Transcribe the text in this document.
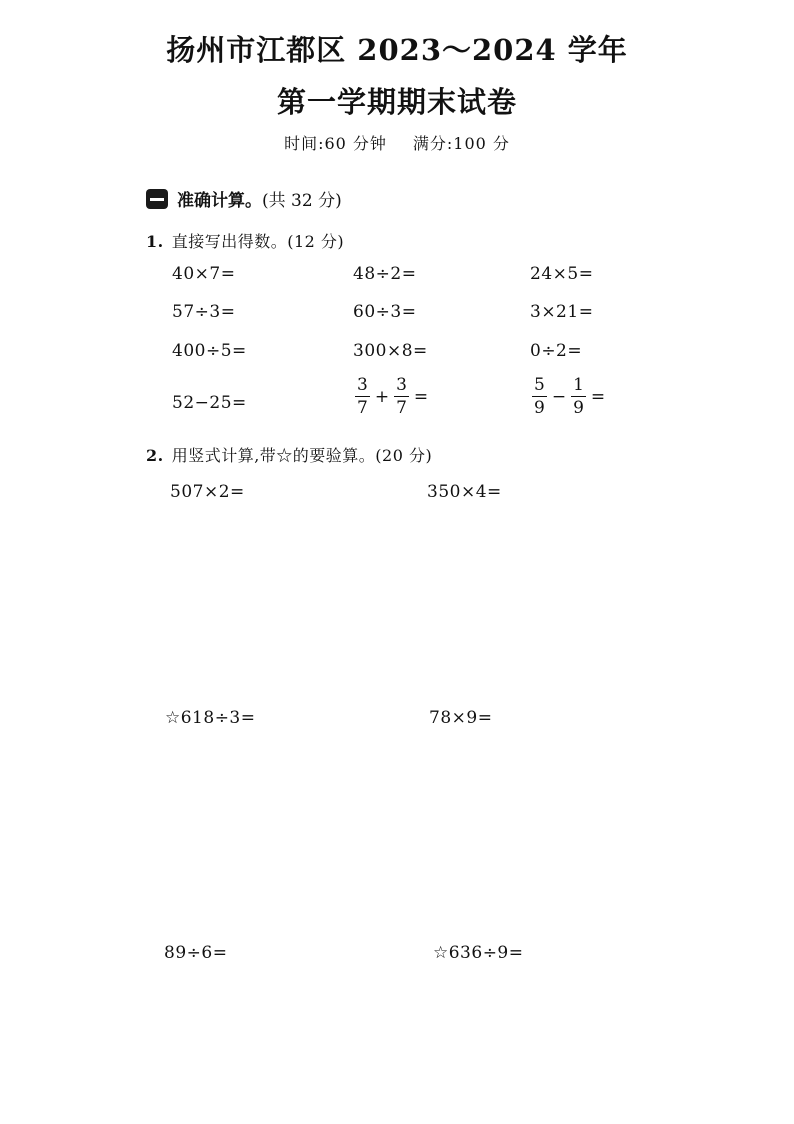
扬州市江都区 2023～2024 学年
第一学期期末试卷
时间:60 分钟 满分:100 分
准确计算。 (共 32 分)
1. 直接写出得数。(12 分)
40×7=	48÷2=	24×5=
57÷3=	60÷3=	3×21=
400÷5=	300×8=	0÷2=
52−25=	$\frac{3}{7} + \frac{3}{7}$ =	$\frac{5}{9} - \frac{1}{9}$ =
2. 用竖式计算,带☆的要验算。(20 分)
507×2=	350×4=
☆618÷3=	78×9=
89÷6=	☆636÷9=
